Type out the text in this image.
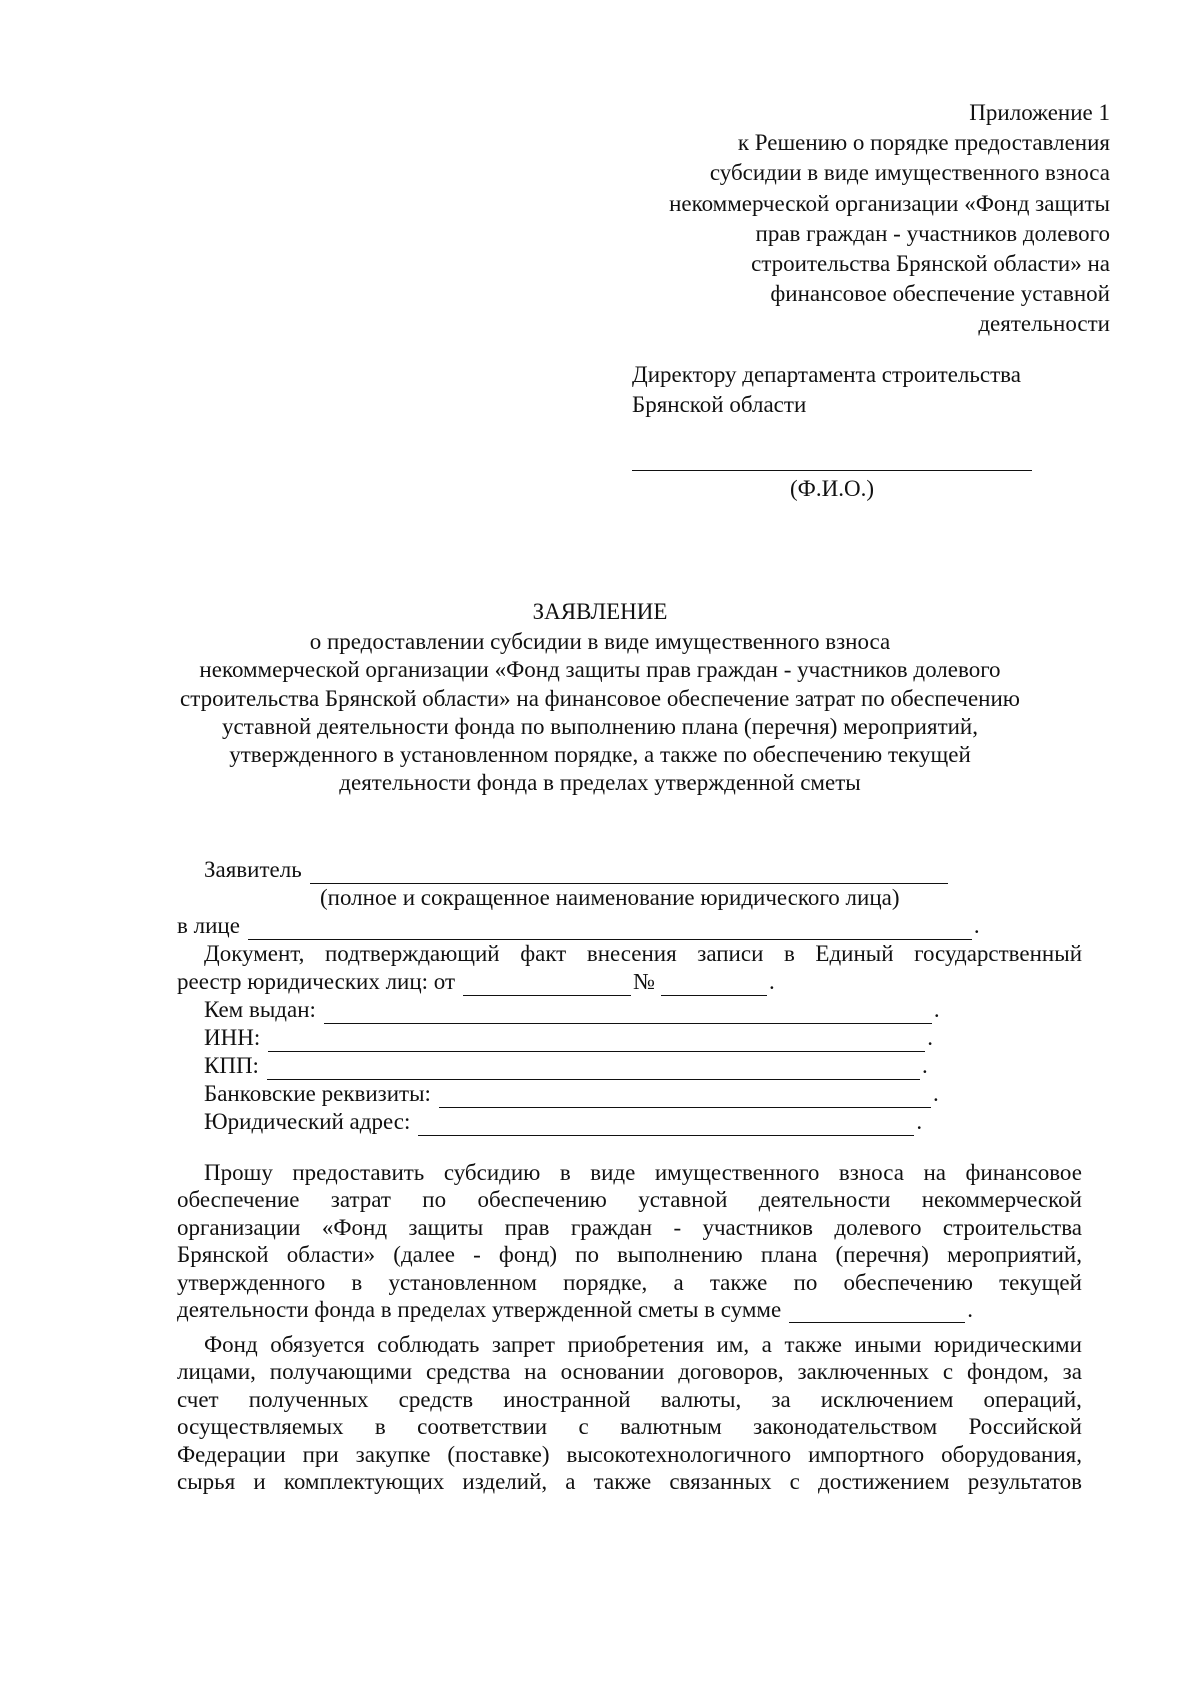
Приложение 1
к Решению о порядке предоставления
субсидии в виде имущественного взноса
некоммерческой организации «Фонд защиты
прав граждан - участников долевого
строительства Брянской области» на
финансовое обеспечение уставной
деятельности
Директору департамента строительства
Брянской области
(Ф.И.О.)
ЗАЯВЛЕНИЕ
о предоставлении субсидии в виде имущественного взноса
некоммерческой организации «Фонд защиты прав граждан - участников долевого
строительства Брянской области» на финансовое обеспечение затрат по обеспечению
уставной деятельности фонда по выполнению плана (перечня) мероприятий,
утвержденного в установленном порядке, а также по обеспечению текущей
деятельности фонда в пределах утвержденной сметы
Заявитель
(полное и сокращенное наименование юридического лица)
в лице	.
Документ, подтверждающий факт внесения записи в Единый государственный
реестр юридических лиц: от	№	.
Кем выдан:	.
ИНН:	.
КПП:	.
Банковские реквизиты:	.
Юридический адрес:	.
Прошу предоставить субсидию в виде имущественного взноса на финансовое
обеспечение затрат по обеспечению уставной деятельности некоммерческой
организации «Фонд защиты прав граждан - участников долевого строительства
Брянской области» (далее - фонд) по выполнению плана (перечня) мероприятий,
утвержденного в установленном порядке, а также по обеспечению текущей
деятельности фонда в пределах утвержденной сметы в сумме	.
Фонд обязуется соблюдать запрет приобретения им, а также иными юридическими
лицами, получающими средства на основании договоров, заключенных с фондом, за
счет полученных средств иностранной валюты, за исключением операций,
осуществляемых в соответствии с валютным законодательством Российской
Федерации при закупке (поставке) высокотехнологичного импортного оборудования,
сырья и комплектующих изделий, а также связанных с достижением результатов
